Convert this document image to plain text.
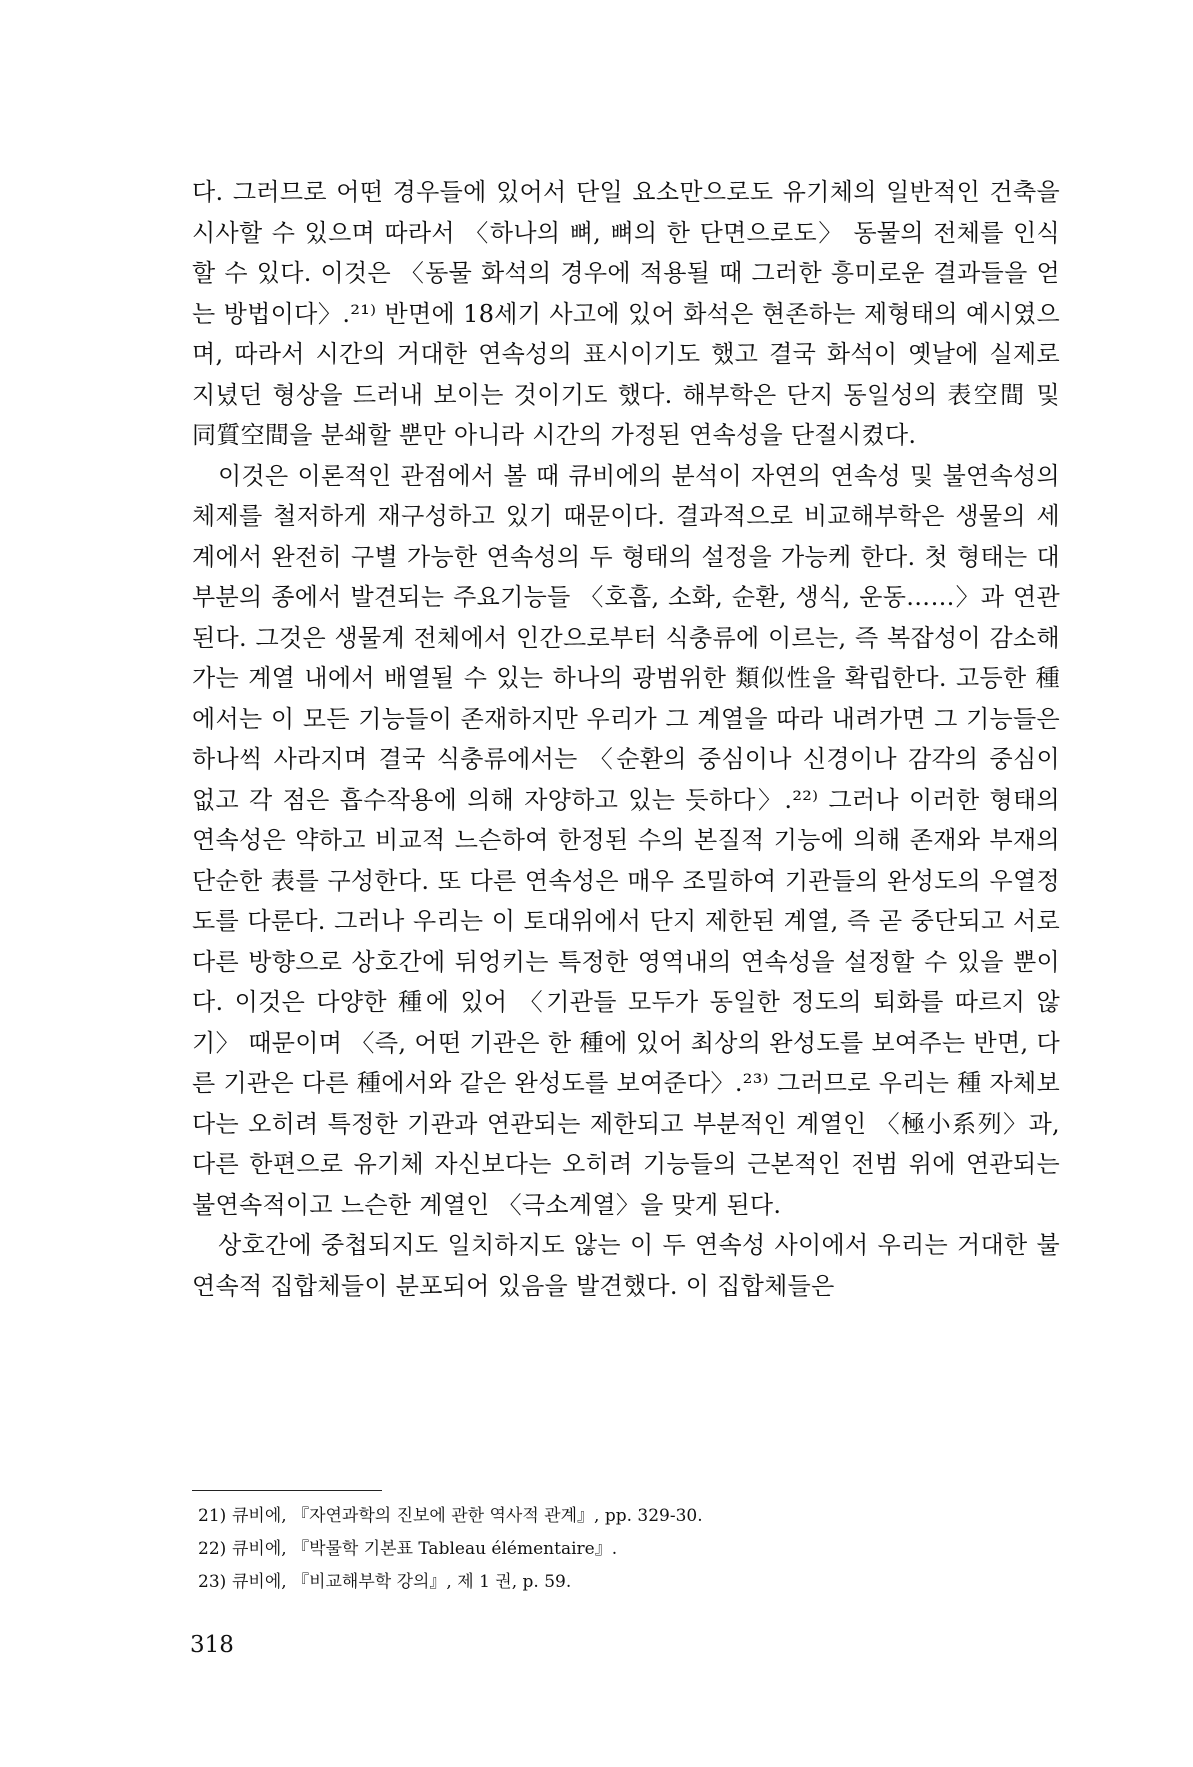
다. 그러므로 어떤 경우들에 있어서 단일 요소만으로도 유기체의 일반적인 건축을 시사할 수 있으며 따라서 〈하나의 뼈, 뼈의 한 단면으로도〉 동물의 전체를 인식할 수 있다. 이것은 〈동물 화석의 경우에 적용될 때 그러한 흥미로운 결과들을 얻는 방법이다〉.²¹⁾ 반면에 18세기 사고에 있어 화석은 현존하는 제형태의 예시였으며, 따라서 시간의 거대한 연속성의 표시이기도 했고 결국 화석이 옛날에 실제로 지녔던 형상을 드러내 보이는 것이기도 했다. 해부학은 단지 동일성의 表空間 및 同質空間을 분쇄할 뿐만 아니라 시간의 가정된 연속성을 단절시켰다.

이것은 이론적인 관점에서 볼 때 큐비에의 분석이 자연의 연속성 및 불연속성의 체제를 철저하게 재구성하고 있기 때문이다. 결과적으로 비교해부학은 생물의 세계에서 완전히 구별 가능한 연속성의 두 형태의 설정을 가능케 한다. 첫 형태는 대부분의 종에서 발견되는 주요기능들 〈호흡, 소화, 순환, 생식, 운동……〉과 연관된다. 그것은 생물계 전체에서 인간으로부터 식충류에 이르는, 즉 복잡성이 감소해 가는 계열 내에서 배열될 수 있는 하나의 광범위한 類似性을 확립한다. 고등한 種에서는 이 모든 기능들이 존재하지만 우리가 그 계열을 따라 내려가면 그 기능들은 하나씩 사라지며 결국 식충류에서는 〈순환의 중심이나 신경이나 감각의 중심이 없고 각 점은 흡수작용에 의해 자양하고 있는 듯하다〉.²²⁾ 그러나 이러한 형태의 연속성은 약하고 비교적 느슨하여 한정된 수의 본질적 기능에 의해 존재와 부재의 단순한 表를 구성한다. 또 다른 연속성은 매우 조밀하여 기관들의 완성도의 우열정도를 다룬다. 그러나 우리는 이 토대위에서 단지 제한된 계열, 즉 곧 중단되고 서로 다른 방향으로 상호간에 뒤엉키는 특정한 영역내의 연속성을 설정할 수 있을 뿐이다. 이것은 다양한 種에 있어 〈기관들 모두가 동일한 정도의 퇴화를 따르지 않기〉 때문이며 〈즉, 어떤 기관은 한 種에 있어 최상의 완성도를 보여주는 반면, 다른 기관은 다른 種에서와 같은 완성도를 보여준다〉.²³⁾ 그러므로 우리는 種 자체보다는 오히려 특정한 기관과 연관되는 제한되고 부분적인 계열인 〈極小系列〉과, 다른 한편으로 유기체 자신보다는 오히려 기능들의 근본적인 전범 위에 연관되는 불연속적이고 느슨한 계열인 〈극소계열〉을 맞게 된다.

상호간에 중첩되지도 일치하지도 않는 이 두 연속성 사이에서 우리는 거대한 불연속적 집합체들이 분포되어 있음을 발견했다. 이 집합체들은

21) 큐비에, 『자연과학의 진보에 관한 역사적 관계』, pp. 329-30.
22) 큐비에, 『박물학 기본표 Tableau élémentaire』.
23) 큐비에, 『비교해부학 강의』, 제 1 권, p. 59.
318
